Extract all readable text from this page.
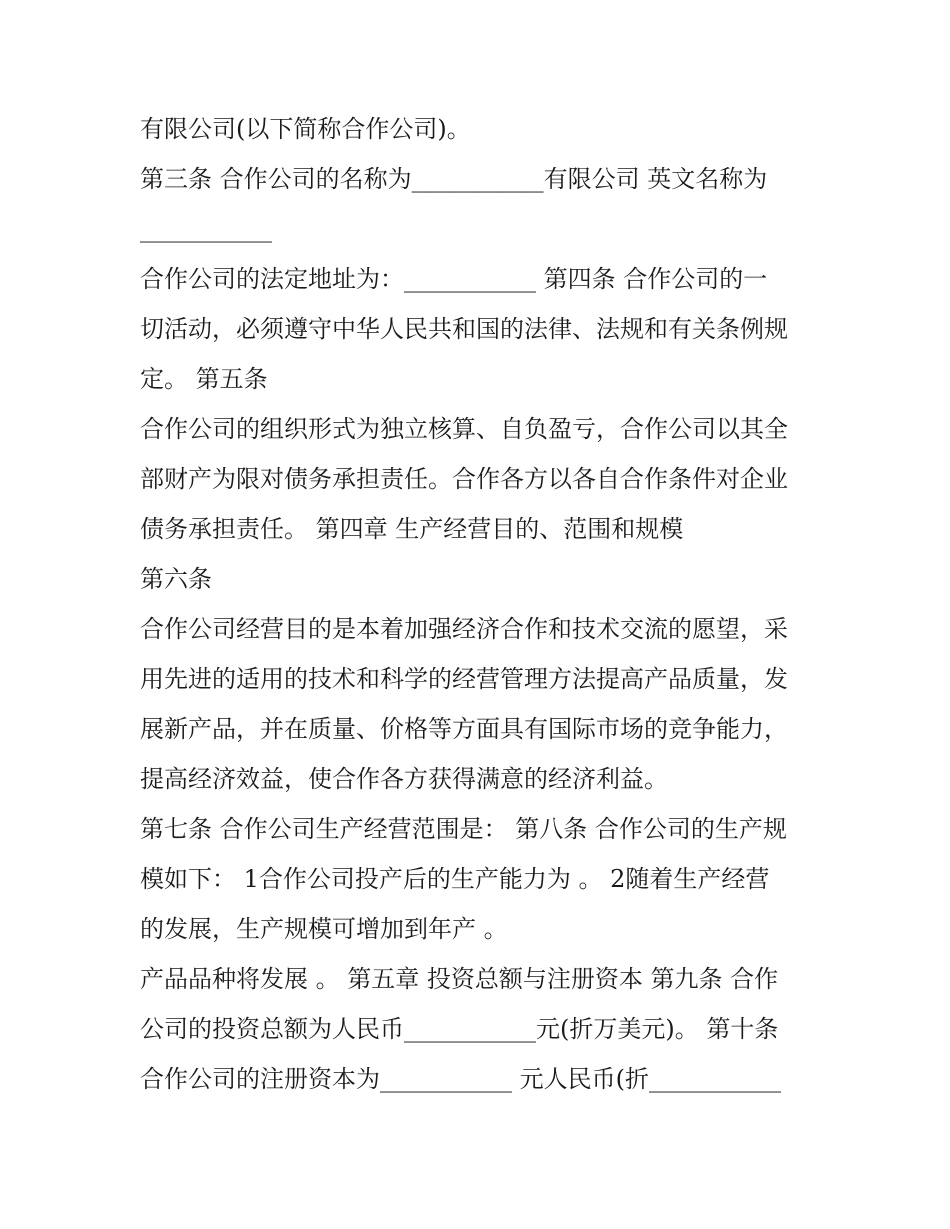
有限公司(以下简称合作公司)。
第三条 合作公司的名称为___________有限公司 英文名称为
___________
合作公司的法定地址为：___________ 第四条 合作公司的一
切活动，必须遵守中华人民共和国的法律、法规和有关条例规
定。 第五条
合作公司的组织形式为独立核算、自负盈亏，合作公司以其全
部财产为限对债务承担责任。合作各方以各自合作条件对企业
债务承担责任。 第四章 生产经营目的、范围和规模
第六条
合作公司经营目的是本着加强经济合作和技术交流的愿望，采
用先进的适用的技术和科学的经营管理方法提高产品质量，发
展新产品，并在质量、价格等方面具有国际市场的竞争能力，
提高经济效益，使合作各方获得满意的经济利益。
第七条 合作公司生产经营范围是： 第八条 合作公司的生产规
模如下： 1合作公司投产后的生产能力为 。 2随着生产经营
的发展，生产规模可增加到年产 。
产品品种将发展 。 第五章 投资总额与注册资本 第九条 合作
公司的投资总额为人民币___________元(折万美元)。 第十条
合作公司的注册资本为___________ 元人民币(折___________
